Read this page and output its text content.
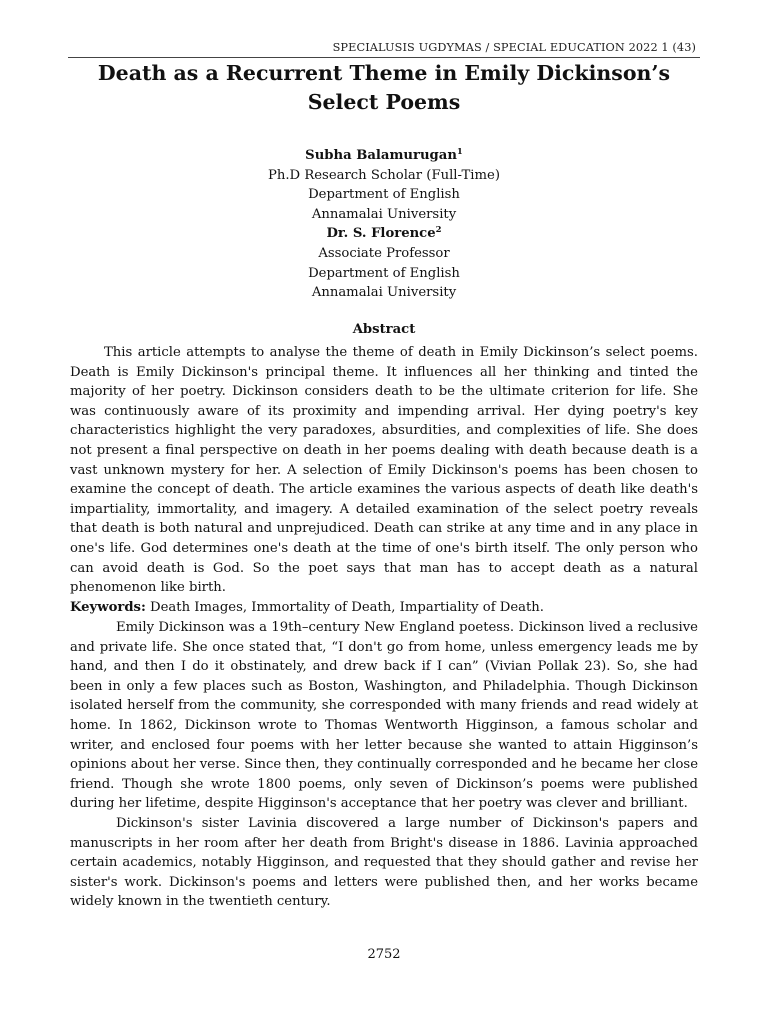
SPECIALUSIS UGDYMAS / SPECIAL EDUCATION 2022 1 (43)
Death as a Recurrent Theme in Emily Dickinson’s Select Poems
Subha Balamurugan$^1$
Ph.D Research Scholar (Full-Time)
Department of English
Annamalai University
Dr. S. Florence$^2$
Associate Professor
Department of English
Annamalai University
Abstract

This article attempts to analyse the theme of death in Emily Dickinson’s select poems. Death is Emily Dickinson's principal theme. It influences all her thinking and tinted the majority of her poetry. Dickinson considers death to be the ultimate criterion for life. She was continuously aware of its proximity and impending arrival. Her dying poetry's key characteristics highlight the very paradoxes, absurdities, and complexities of life. She does not present a final perspective on death in her poems dealing with death because death is a vast unknown mystery for her. A selection of Emily Dickinson's poems has been chosen to examine the concept of death. The article examines the various aspects of death like death's impartiality, immortality, and imagery. A detailed examination of the select poetry reveals that death is both natural and unprejudiced. Death can strike at any time and in any place in one's life. God determines one's death at the time of one's birth itself. The only person who can avoid death is God. So the poet says that man has to accept death as a natural phenomenon like birth.

Keywords: Death Images, Immortality of Death, Impartiality of Death.

Emily Dickinson was a 19th–century New England poetess. Dickinson lived a reclusive and private life. She once stated that, “I don't go from home, unless emergency leads me by hand, and then I do it obstinately, and drew back if I can” (Vivian Pollak 23). So, she had been in only a few places such as Boston, Washington, and Philadelphia. Though Dickinson isolated herself from the community, she corresponded with many friends and read widely at home. In 1862, Dickinson wrote to Thomas Wentworth Higginson, a famous scholar and writer, and enclosed four poems with her letter because she wanted to attain Higginson’s opinions about her verse. Since then, they continually corresponded and he became her close friend. Though she wrote 1800 poems, only seven of Dickinson’s poems were published during her lifetime, despite Higginson's acceptance that her poetry was clever and brilliant.

Dickinson's sister Lavinia discovered a large number of Dickinson's papers and manuscripts in her room after her death from Bright's disease in 1886. Lavinia approached certain academics, notably Higginson, and requested that they should gather and revise her sister's work. Dickinson's poems and letters were published then, and her works became widely known in the twentieth century.

2752
